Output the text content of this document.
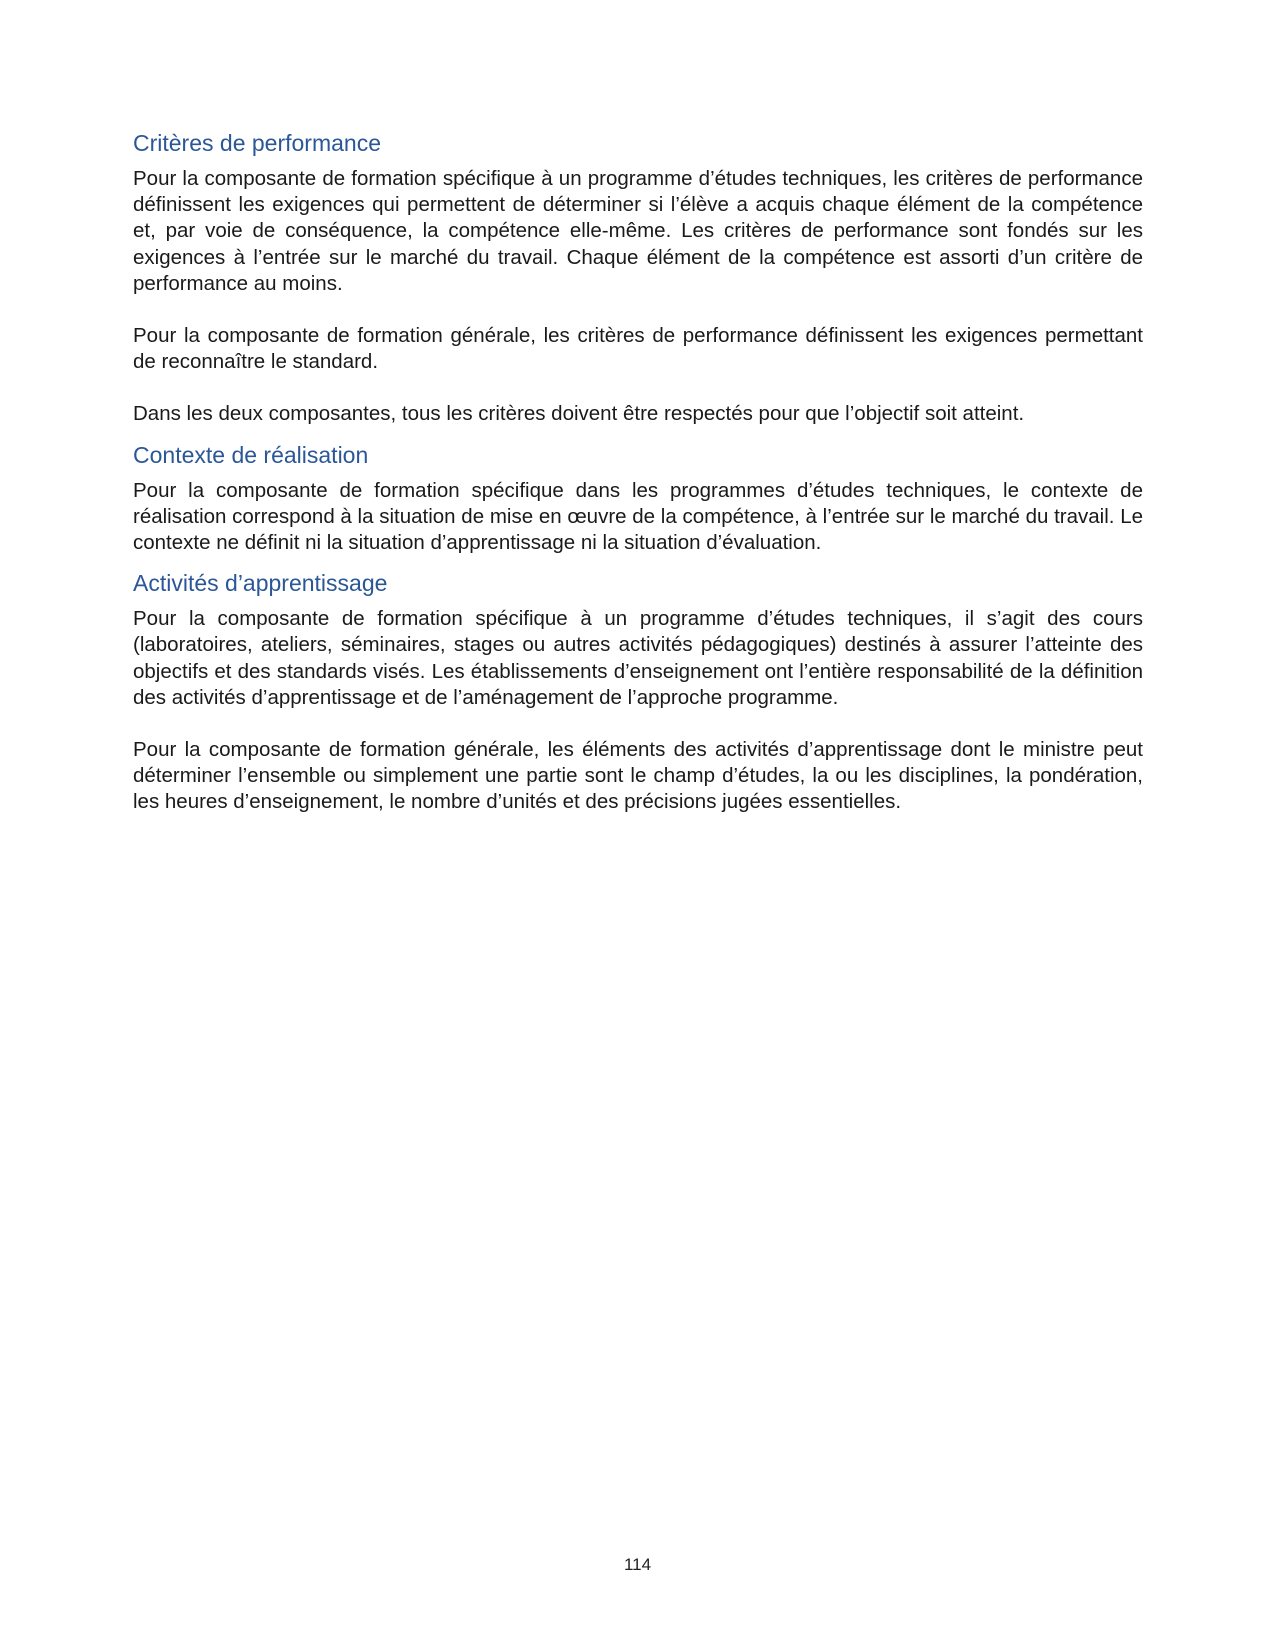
Critères de performance

Pour la composante de formation spécifique à un programme d’études techniques, les critères de performance définissent les exigences qui permettent de déterminer si l’élève a acquis chaque élément de la compétence et, par voie de conséquence, la compétence elle-même. Les critères de performance sont fondés sur les exigences à l’entrée sur le marché du travail. Chaque élément de la compétence est assorti d’un critère de performance au moins.

Pour la composante de formation générale, les critères de performance définissent les exigences permettant de reconnaître le standard.

Dans les deux composantes, tous les critères doivent être respectés pour que l’objectif soit atteint.

Contexte de réalisation

Pour la composante de formation spécifique dans les programmes d’études techniques, le contexte de réalisation correspond à la situation de mise en œuvre de la compétence, à l’entrée sur le marché du travail. Le contexte ne définit ni la situation d’apprentissage ni la situation d’évaluation.

Activités d’apprentissage

Pour la composante de formation spécifique à un programme d’études techniques, il s’agit des cours (laboratoires, ateliers, séminaires, stages ou autres activités pédagogiques) destinés à assurer l’atteinte des objectifs et des standards visés. Les établissements d’enseignement ont l’entière responsabilité de la définition des activités d’apprentissage et de l’aménagement de l’approche programme.

Pour la composante de formation générale, les éléments des activités d’apprentissage dont le ministre peut déterminer l’ensemble ou simplement une partie sont le champ d’études, la ou les disciplines, la pondération, les heures d’enseignement, le nombre d’unités et des précisions jugées essentielles.

114
